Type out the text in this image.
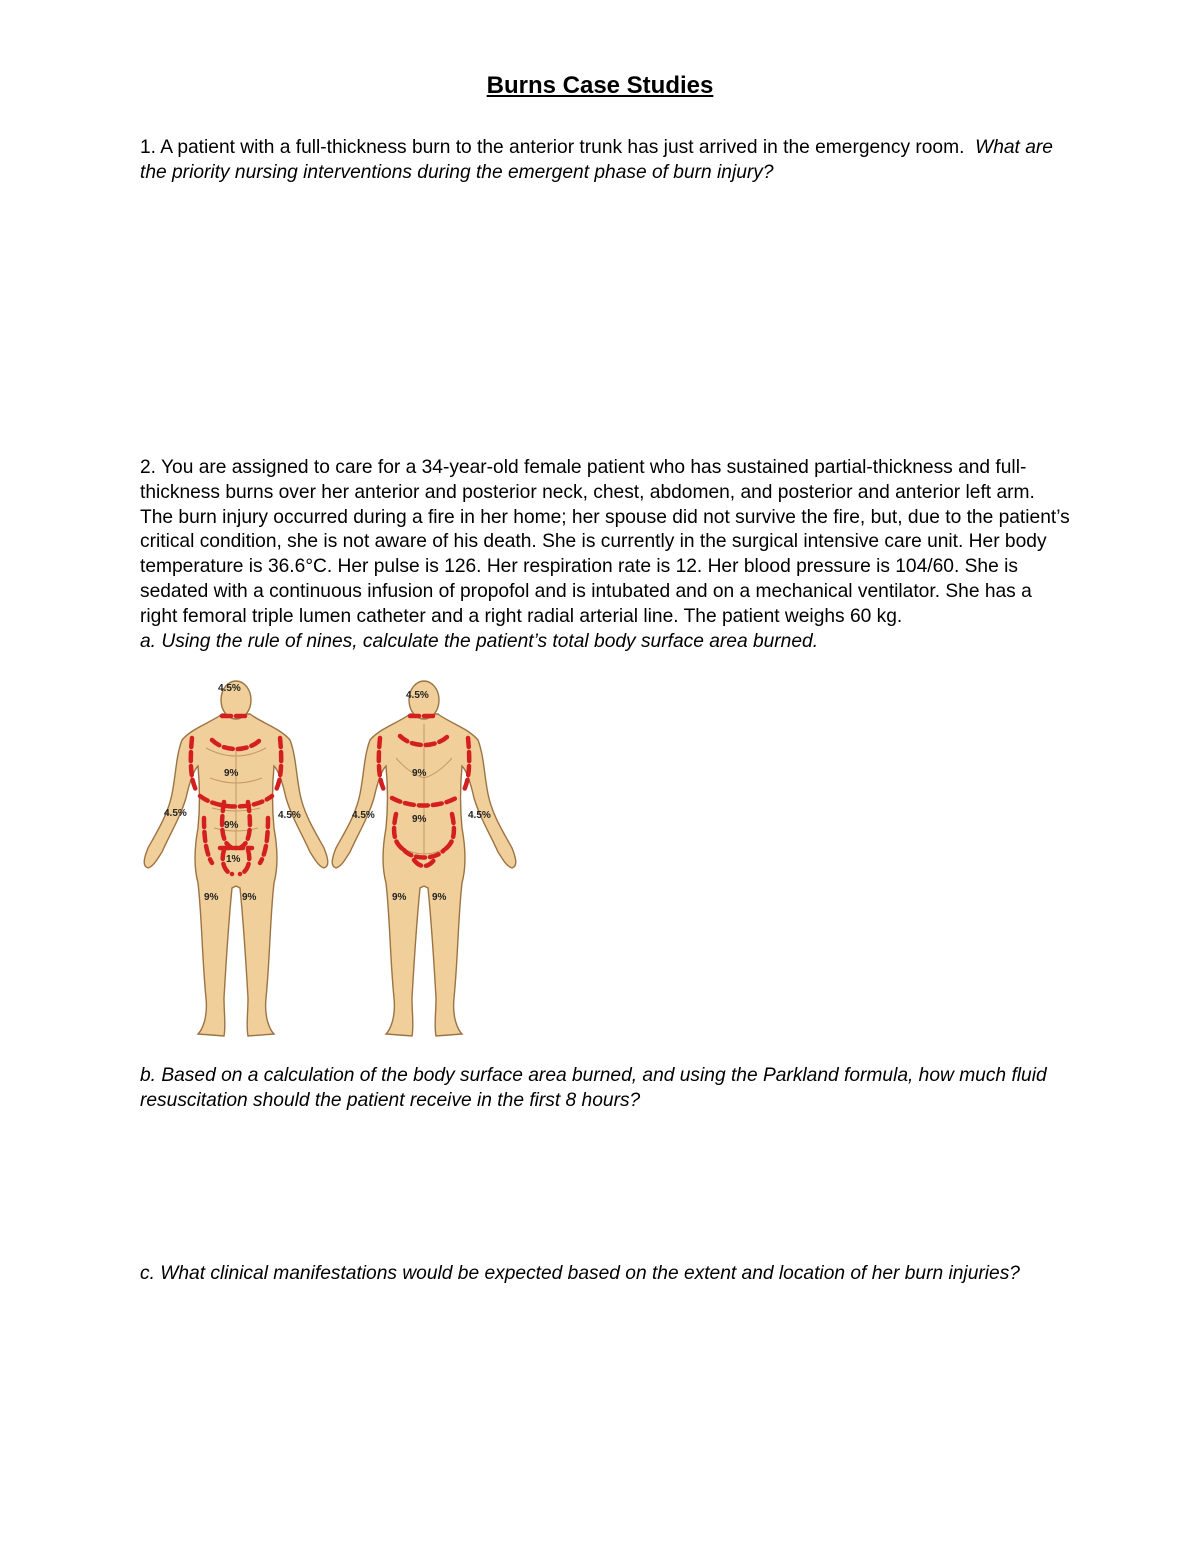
Burns Case Studies

1. A patient with a full-thickness burn to the anterior trunk has just arrived in the emergency room. What are the priority nursing interventions during the emergent phase of burn injury?

2. You are assigned to care for a 34-year-old female patient who has sustained partial-thickness and full-thickness burns over her anterior and posterior neck, chest, abdomen, and posterior and anterior left arm. The burn injury occurred during a fire in her home; her spouse did not survive the fire, but, due to the patient’s critical condition, she is not aware of his death. She is currently in the surgical intensive care unit. Her body temperature is 36.6°C. Her pulse is 126. Her respiration rate is 12. Her blood pressure is 104/60. She is sedated with a continuous infusion of propofol and is intubated and on a mechanical ventilator. She has a right femoral triple lumen catheter and a right radial arterial line. The patient weighs 60 kg.
a. Using the rule of nines, calculate the patient’s total body surface area burned.
4.5%
9%
9%
4.5%	4.5%
1%
9% 9%
4.5%
9%
9%
4.5%	4.5%
9%	9%

b. Based on a calculation of the body surface area burned, and using the Parkland formula, how much fluid resuscitation should the patient receive in the first 8 hours?

c. What clinical manifestations would be expected based on the extent and location of her burn injuries?
